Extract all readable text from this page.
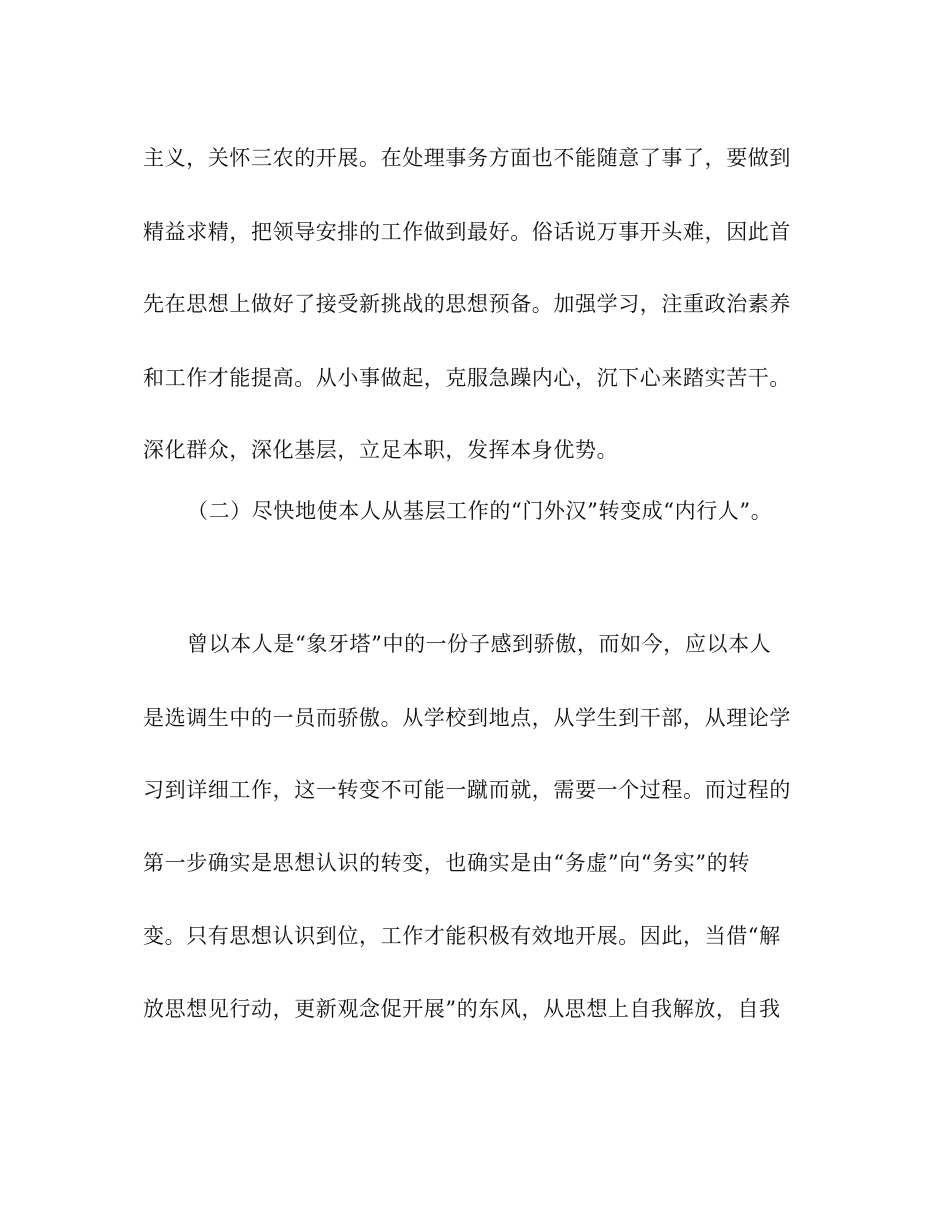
主义，关怀三农的开展。在处理事务方面也不能随意了事了，要做到
精益求精，把领导安排的工作做到最好。俗话说万事开头难，因此首
先在思想上做好了接受新挑战的思想预备。加强学习，注重政治素养
和工作才能提高。从小事做起，克服急躁内心，沉下心来踏实苦干。
深化群众，深化基层，立足本职，发挥本身优势。
（二）尽快地使本人从基层工作的“门外汉”转变成“内行人”。
曾以本人是“象牙塔”中的一份子感到骄傲，而如今，应以本人
是选调生中的一员而骄傲。从学校到地点，从学生到干部，从理论学
习到详细工作，这一转变不可能一蹴而就，需要一个过程。而过程的
第一步确实是思想认识的转变，也确实是由“务虚”向“务实”的转
变。只有思想认识到位，工作才能积极有效地开展。因此，当借“解
放思想见行动，更新观念促开展”的东风，从思想上自我解放，自我
